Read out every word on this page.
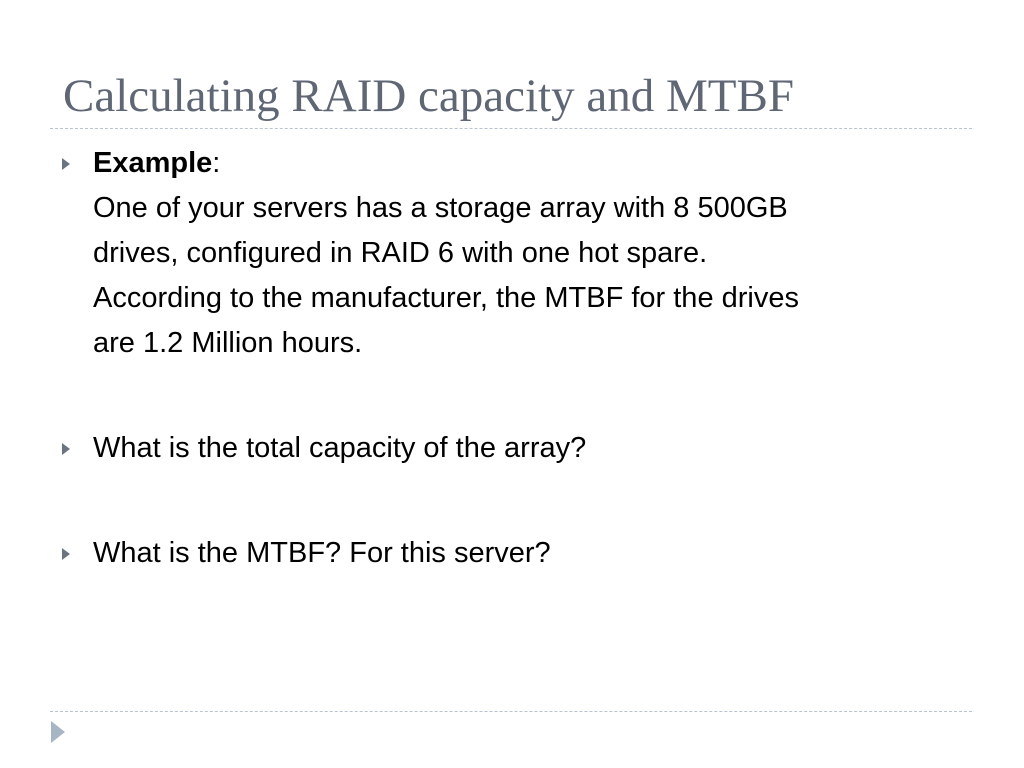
Calculating RAID capacity and MTBF
Example:
One of your servers has a storage array with 8 500GB
drives, configured in RAID 6 with one hot spare.
According to the manufacturer, the MTBF for the drives
are 1.2 Million hours.
What is the total capacity of the array?
What is the MTBF? For this server?
